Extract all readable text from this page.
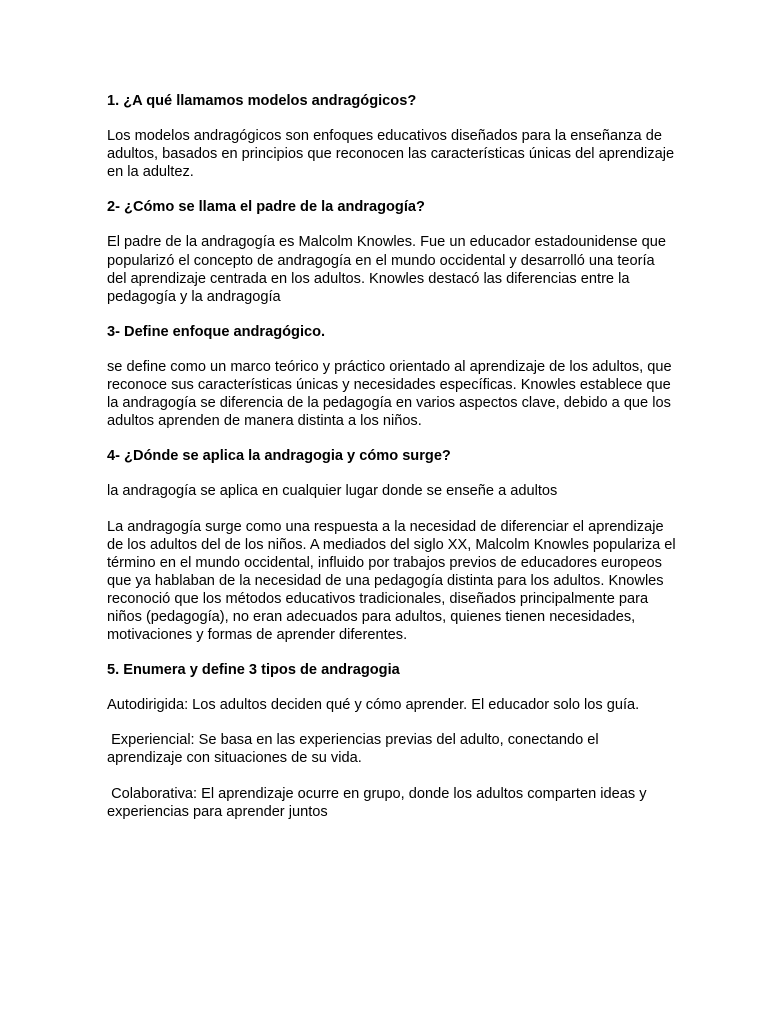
1. ¿A qué llamamos modelos andragógicos?

Los modelos andragógicos son enfoques educativos diseñados para la enseñanza de adultos, basados en principios que reconocen las características únicas del aprendizaje en la adultez.

2- ¿Cómo se llama el padre de la andragogía?

El padre de la andragogía es Malcolm Knowles. Fue un educador estadounidense que popularizó el concepto de andragogía en el mundo occidental y desarrolló una teoría del aprendizaje centrada en los adultos. Knowles destacó las diferencias entre la pedagogía y la andragogía

3- Define enfoque andragógico.

se define como un marco teórico y práctico orientado al aprendizaje de los adultos, que reconoce sus características únicas y necesidades específicas. Knowles establece que la andragogía se diferencia de la pedagogía en varios aspectos clave, debido a que los adultos aprenden de manera distinta a los niños.

4- ¿Dónde se aplica la andragogia y cómo surge?

la andragogía se aplica en cualquier lugar donde se enseñe a adultos

La andragogía surge como una respuesta a la necesidad de diferenciar el aprendizaje de los adultos del de los niños. A mediados del siglo XX, Malcolm Knowles populariza el término en el mundo occidental, influido por trabajos previos de educadores europeos que ya hablaban de la necesidad de una pedagogía distinta para los adultos. Knowles reconoció que los métodos educativos tradicionales, diseñados principalmente para niños (pedagogía), no eran adecuados para adultos, quienes tienen necesidades, motivaciones y formas de aprender diferentes.

5. Enumera y define 3 tipos de andragogia

Autodirigida: Los adultos deciden qué y cómo aprender. El educador solo los guía.

Experiencial: Se basa en las experiencias previas del adulto, conectando el aprendizaje con situaciones de su vida.

Colaborativa: El aprendizaje ocurre en grupo, donde los adultos comparten ideas y experiencias para aprender juntos
